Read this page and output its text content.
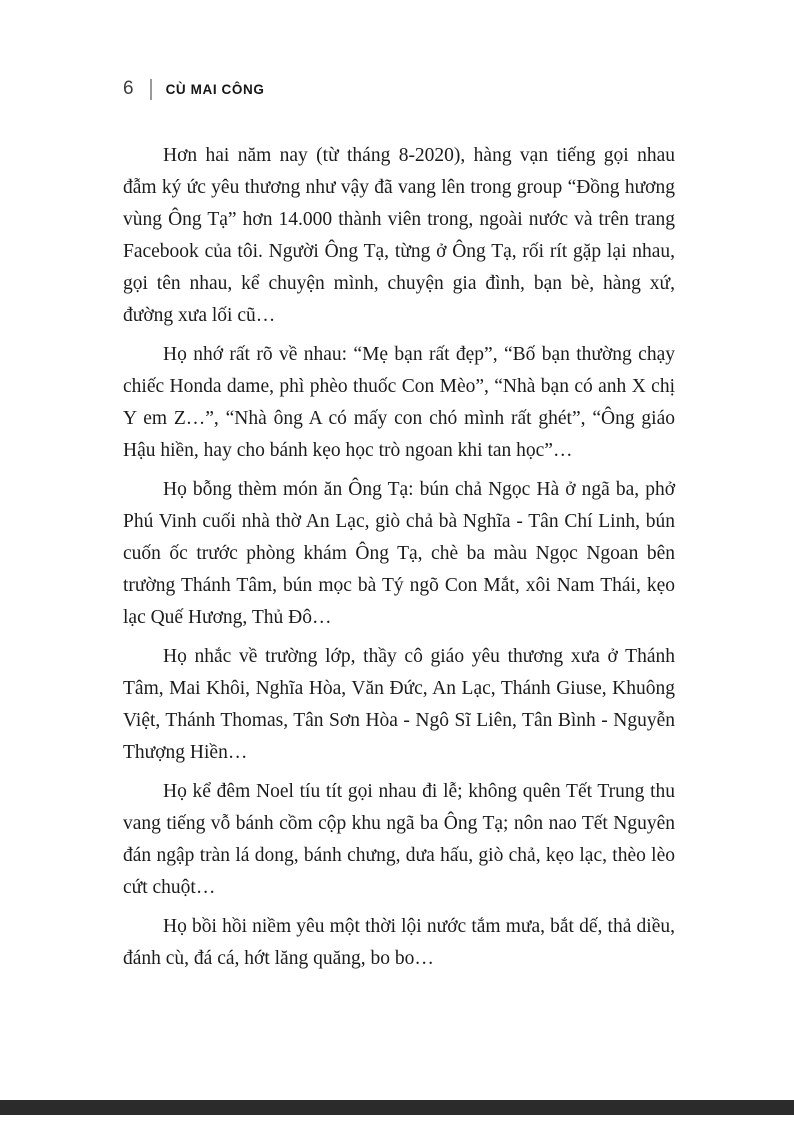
6 CÙ MAI CÔNG

Hơn hai năm nay (từ tháng 8-2020), hàng vạn tiếng gọi nhau đẫm ký ức yêu thương như vậy đã vang lên trong group “Đồng hương vùng Ông Tạ” hơn 14.000 thành viên trong, ngoài nước và trên trang Facebook của tôi. Người Ông Tạ, từng ở Ông Tạ, rối rít gặp lại nhau, gọi tên nhau, kể chuyện mình, chuyện gia đình, bạn bè, hàng xứ, đường xưa lối cũ…

Họ nhớ rất rõ về nhau: “Mẹ bạn rất đẹp”, “Bố bạn thường chạy chiếc Honda dame, phì phèo thuốc Con Mèo”, “Nhà bạn có anh X chị Y em Z…”, “Nhà ông A có mấy con chó mình rất ghét”, “Ông giáo Hậu hiền, hay cho bánh kẹo học trò ngoan khi tan học”…

Họ bỗng thèm món ăn Ông Tạ: bún chả Ngọc Hà ở ngã ba, phở Phú Vinh cuối nhà thờ An Lạc, giò chả bà Nghĩa - Tân Chí Linh, bún cuốn ốc trước phòng khám Ông Tạ, chè ba màu Ngọc Ngoan bên trường Thánh Tâm, bún mọc bà Tý ngõ Con Mắt, xôi Nam Thái, kẹo lạc Quế Hương, Thủ Đô…

Họ nhắc về trường lớp, thầy cô giáo yêu thương xưa ở Thánh Tâm, Mai Khôi, Nghĩa Hòa, Văn Đức, An Lạc, Thánh Giuse, Khuông Việt, Thánh Thomas, Tân Sơn Hòa - Ngô Sĩ Liên, Tân Bình - Nguyễn Thượng Hiền…

Họ kể đêm Noel tíu tít gọi nhau đi lễ; không quên Tết Trung thu vang tiếng vỗ bánh cồm cộp khu ngã ba Ông Tạ; nôn nao Tết Nguyên đán ngập tràn lá dong, bánh chưng, dưa hấu, giò chả, kẹo lạc, thèo lèo cứt chuột…

Họ bồi hồi niềm yêu một thời lội nước tắm mưa, bắt dế, thả diều, đánh cù, đá cá, hớt lăng quăng, bo bo…
